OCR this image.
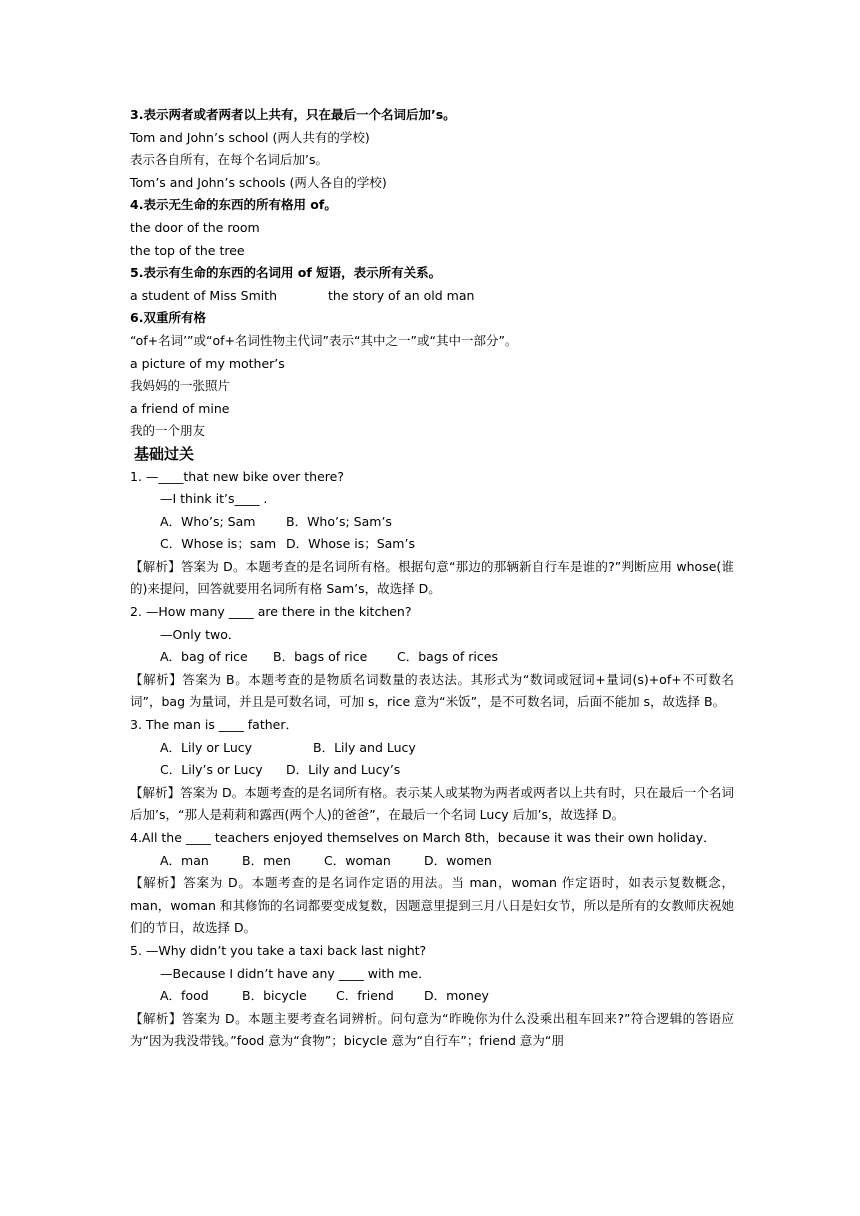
3.表示两者或者两者以上共有，只在最后一个名词后加’s。
Tom and John’s school (两人共有的学校)
表示各自所有，在每个名词后加’s。
Tom’s and John’s schools (两人各自的学校)
4.表示无生命的东西的所有格用 of。
the door of the room
the top of the tree
5.表示有生命的东西的名词用 of 短语，表示所有关系。
a student of Miss Smith	the story of an old man
6.双重所有格
“of+名词’”或“of+名词性物主代词”表示“其中之一”或“其中一部分”。
a picture of my mother’s
我妈妈的一张照片
a friend of mine
我的一个朋友
基础过关
1. —____that new bike over there?
—I think it’s____ .
A．Who’s; Sam	B．Who’s; Sam’s
C．Whose is；sam D．Whose is；Sam’s
【解析】答案为 D。本题考查的是名词所有格。根据句意“那边的那辆新自行车是谁的?”判断应用 whose(谁的)来提问，回答就要用名词所有格 Sam’s，故选择 D。
2. —How many ____ are there in the kitchen?
—Only two．
A．bag of rice	B．bags of rice	C．bags of rices
【解析】答案为 B。本题考查的是物质名词数量的表达法。其形式为“数词或冠词+量词(s)+of+不可数名词”，bag 为量词，并且是可数名词，可加 s，rice 意为“米饭”，是不可数名词，后面不能加 s，故选择 B。
3. The man is ____ father．
A．Lily or Lucy	B．Lily and Lucy
C．Lily’s or Lucy	D．Lily and Lucy’s
【解析】答案为 D。本题考查的是名词所有格。表示某人或某物为两者或两者以上共有时，只在最后一个名词后加’s，“那人是莉莉和露西(两个人)的爸爸”，在最后一个名词 Lucy 后加’s，故选择 D。
4.All the ____ teachers enjoyed themselves on March 8th，because it was their own holiday．
A．man	B．men	C．woman	D．women
【解析】答案为 D。本题考查的是名词作定语的用法。当 man，woman 作定语时，如表示复数概念，man，woman 和其修饰的名词都要变成复数，因题意里提到三月八日是妇女节，所以是所有的女教师庆祝她们的节日，故选择 D。
5. —Why didn’t you take a taxi back last night?
—Because I didn’t have any ____ with me．
A．food	B．bicycle	C．friend	D．money
【解析】答案为 D。本题主要考查名词辨析。问句意为“昨晚你为什么没乘出租车回来?”符合逻辑的答语应为“因为我没带钱。”food 意为“食物”；bicycle 意为“自行车”；friend 意为“朋
